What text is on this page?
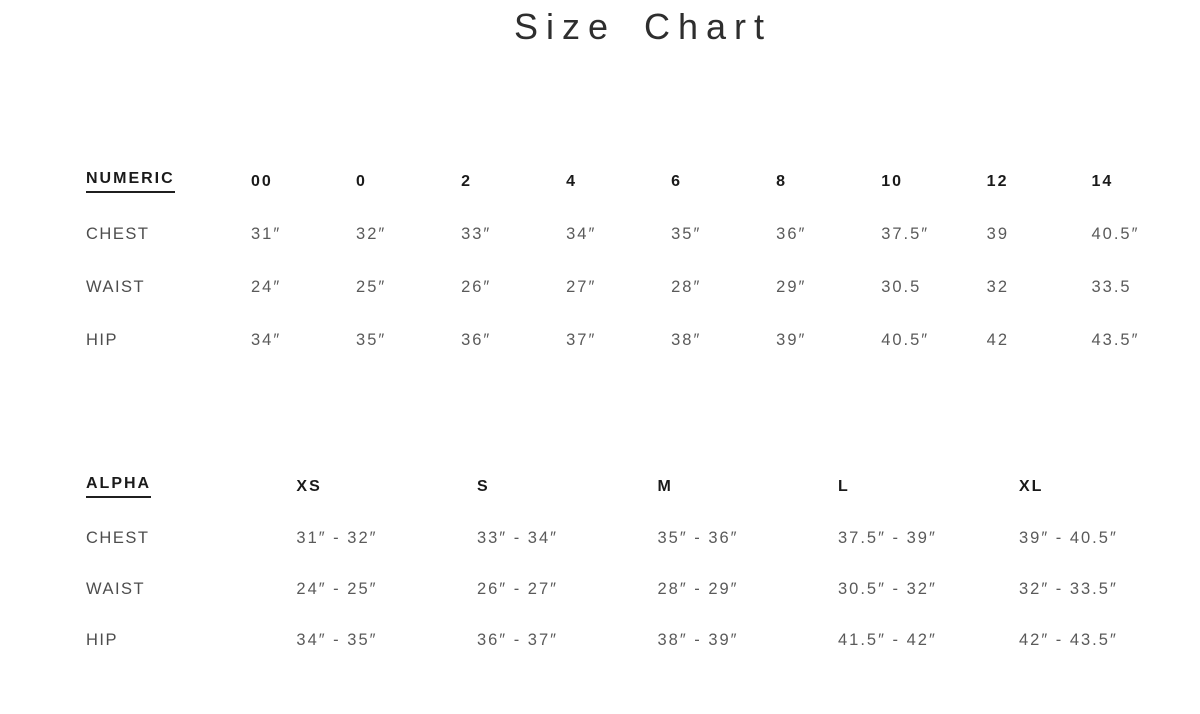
Size Chart
NUMERIC	00	0	2	4	6	8	10	12	14
CHEST	31″	32″	33″	34″	35″	36″	37.5″	39	40.5″
WAIST	24″	25″	26″	27″	28″	29″	30.5	32	33.5
HIP	34″	35″	36″	37″	38″	39″	40.5″	42	43.5″
ALPHA	XS	S	M	L	XL
CHEST	31″ - 32″	33″ - 34″	35″ - 36″	37.5″ - 39″	39″ - 40.5″
WAIST	24″ - 25″	26″ - 27″	28″ - 29″	30.5″ - 32″	32″ - 33.5″
HIP	34″ - 35″	36″ - 37″	38″ - 39″	41.5″ - 42″	42″ - 43.5″
